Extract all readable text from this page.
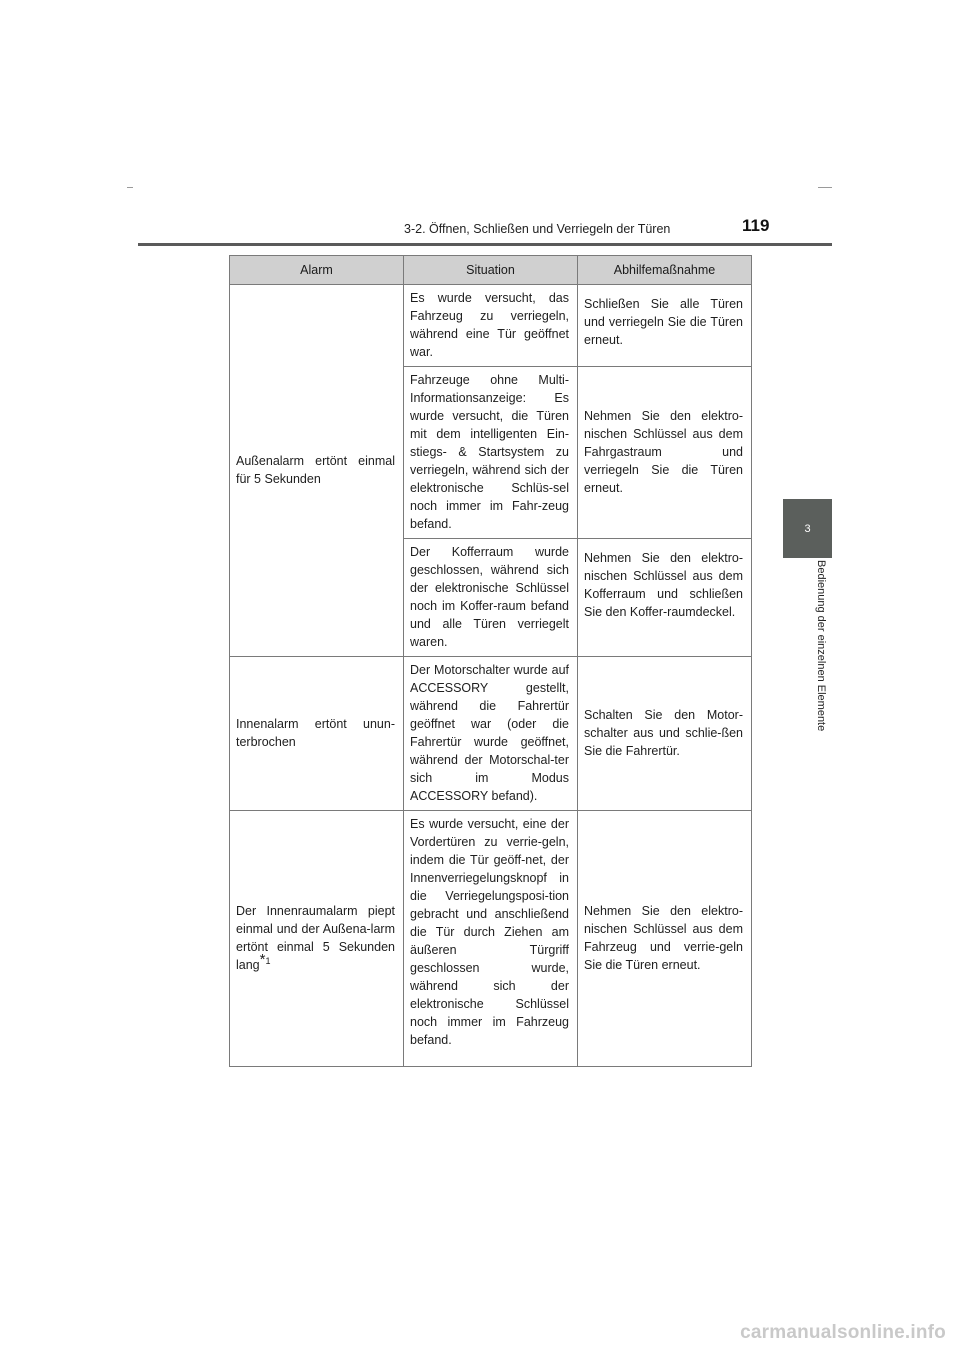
3-2. Öffnen, Schließen und Verriegeln der Türen	119
3
Bedienung der einzelnen Elemente
Alarm	Situation	Abhilfemaßnahme
Außenalarm ertönt einmal für 5 Sekunden	Es wurde versucht, das Fahrzeug zu verriegeln, während eine Tür geöffnet war.	Schließen Sie alle Türen und verriegeln Sie die Türen erneut.
	Fahrzeuge ohne Multi-Informationsanzeige: Es wurde versucht, die Türen mit dem intelligenten Ein-stiegs- & Startsystem zu verriegeln, während sich der elektronische Schlüs-sel noch immer im Fahr-zeug befand.	Nehmen Sie den elektro-nischen Schlüssel aus dem Fahrgastraum und verriegeln Sie die Türen erneut.
	Der Kofferraum wurde geschlossen, während sich der elektronische Schlüssel noch im Koffer-raum befand und alle Türen verriegelt waren.	Nehmen Sie den elektro-nischen Schlüssel aus dem Kofferraum und schließen Sie den Koffer-raumdeckel.
Innenalarm ertönt unun-terbrochen	Der Motorschalter wurde auf ACCESSORY gestellt, während die Fahrertür geöffnet war (oder die Fahrertür wurde geöffnet, während der Motorschal-ter sich im Modus ACCESSORY befand).	Schalten Sie den Motor-schalter aus und schlie-ßen Sie die Fahrertür.
Der Innenraumalarm piept einmal und der Außena-larm ertönt einmal 5 Sekunden lang$^{*1}$	Es wurde versucht, eine der Vordertüren zu verrie-geln, indem die Tür geöff-net, der Innenverriegelungsknopf in die Verriegelungsposi-tion gebracht und anschließend die Tür durch Ziehen am äußeren Türgriff geschlossen wurde, während sich der elektronische Schlüssel noch immer im Fahrzeug befand.	Nehmen Sie den elektro-nischen Schlüssel aus dem Fahrzeug und verrie-geln Sie die Türen erneut.
carmanualsonline.info
